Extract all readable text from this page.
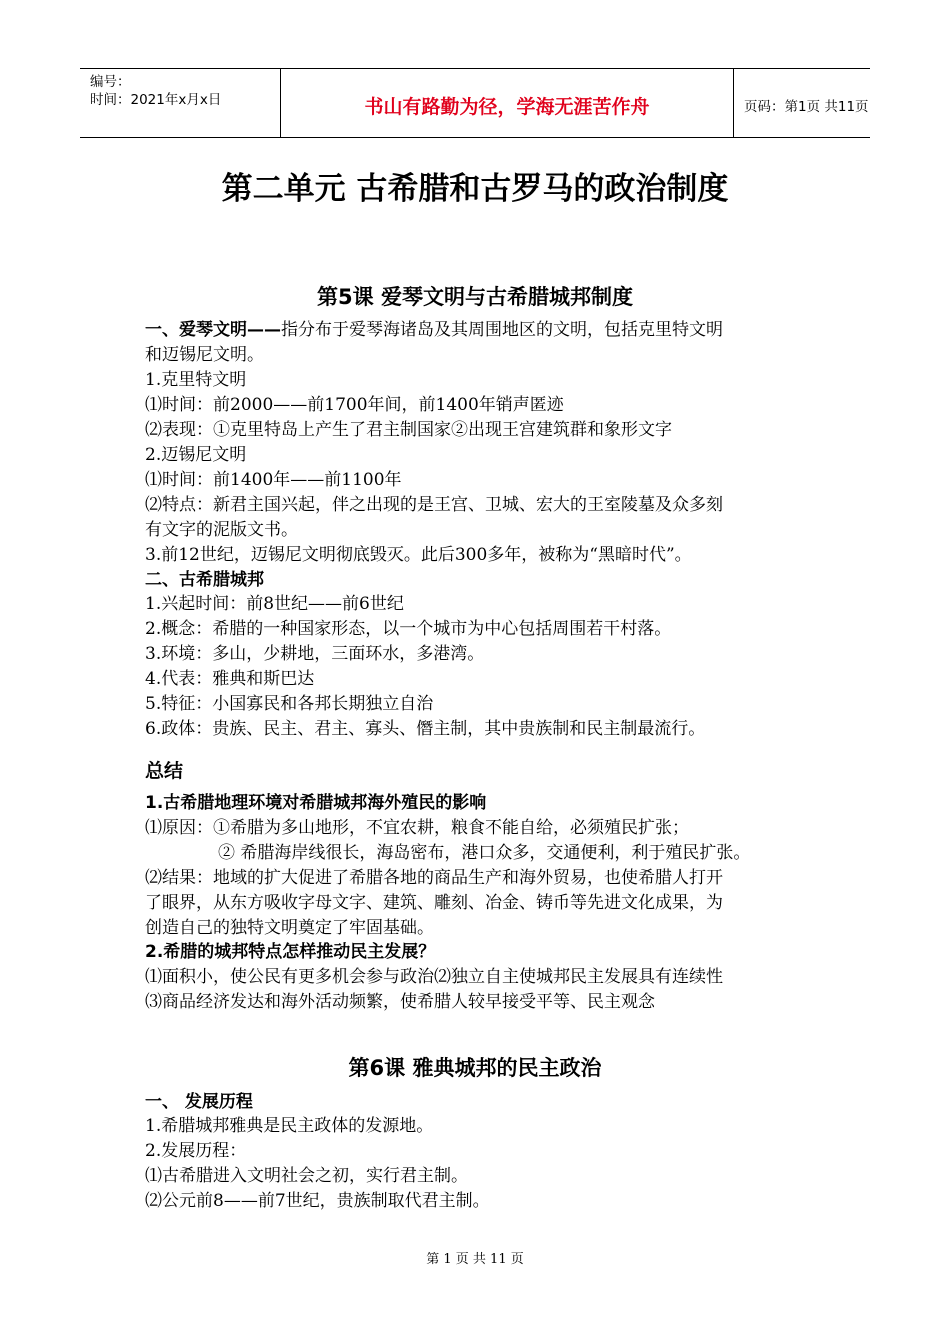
编号：
时间：2021年x月x日	书山有路勤为径，学海无涯苦作舟	页码：第1页 共11页
第二单元 古希腊和古罗马的政治制度
第5课 爱琴文明与古希腊城邦制度
一、爱琴文明——指分布于爱琴海诸岛及其周围地区的文明，包括克里特文明
和迈锡尼文明。
1.克里特文明
⑴时间：前2000——前1700年间，前1400年销声匿迹
⑵表现：①克里特岛上产生了君主制国家②出现王宫建筑群和象形文字
2.迈锡尼文明
⑴时间：前1400年——前1100年
⑵特点：新君主国兴起，伴之出现的是王宫、卫城、宏大的王室陵墓及众多刻
有文字的泥版文书。
3.前12世纪，迈锡尼文明彻底毁灭。此后300多年，被称为“黑暗时代”。
二、古希腊城邦
1.兴起时间：前8世纪——前6世纪
2.概念：希腊的一种国家形态，以一个城市为中心包括周围若干村落。
3.环境：多山，少耕地，三面环水，多港湾。
4.代表：雅典和斯巴达
5.特征：小国寡民和各邦长期独立自治
6.政体：贵族、民主、君主、寡头、僭主制，其中贵族制和民主制最流行。
总结
1.古希腊地理环境对希腊城邦海外殖民的影响
⑴原因：①希腊为多山地形，不宜农耕，粮食不能自给，必须殖民扩张；
② 希腊海岸线很长，海岛密布，港口众多，交通便利，利于殖民扩张。
⑵结果：地域的扩大促进了希腊各地的商品生产和海外贸易，也使希腊人打开
了眼界，从东方吸收字母文字、建筑、雕刻、冶金、铸币等先进文化成果，为
创造自己的独特文明奠定了牢固基础。
2.希腊的城邦特点怎样推动民主发展？
⑴面积小，使公民有更多机会参与政治⑵独立自主使城邦民主发展具有连续性
⑶商品经济发达和海外活动频繁，使希腊人较早接受平等、民主观念
第6课 雅典城邦的民主政治
一、 发展历程
1.希腊城邦雅典是民主政体的发源地。
2.发展历程：
⑴古希腊进入文明社会之初，实行君主制。
⑵公元前8——前7世纪，贵族制取代君主制。
第 1 页 共 11 页
